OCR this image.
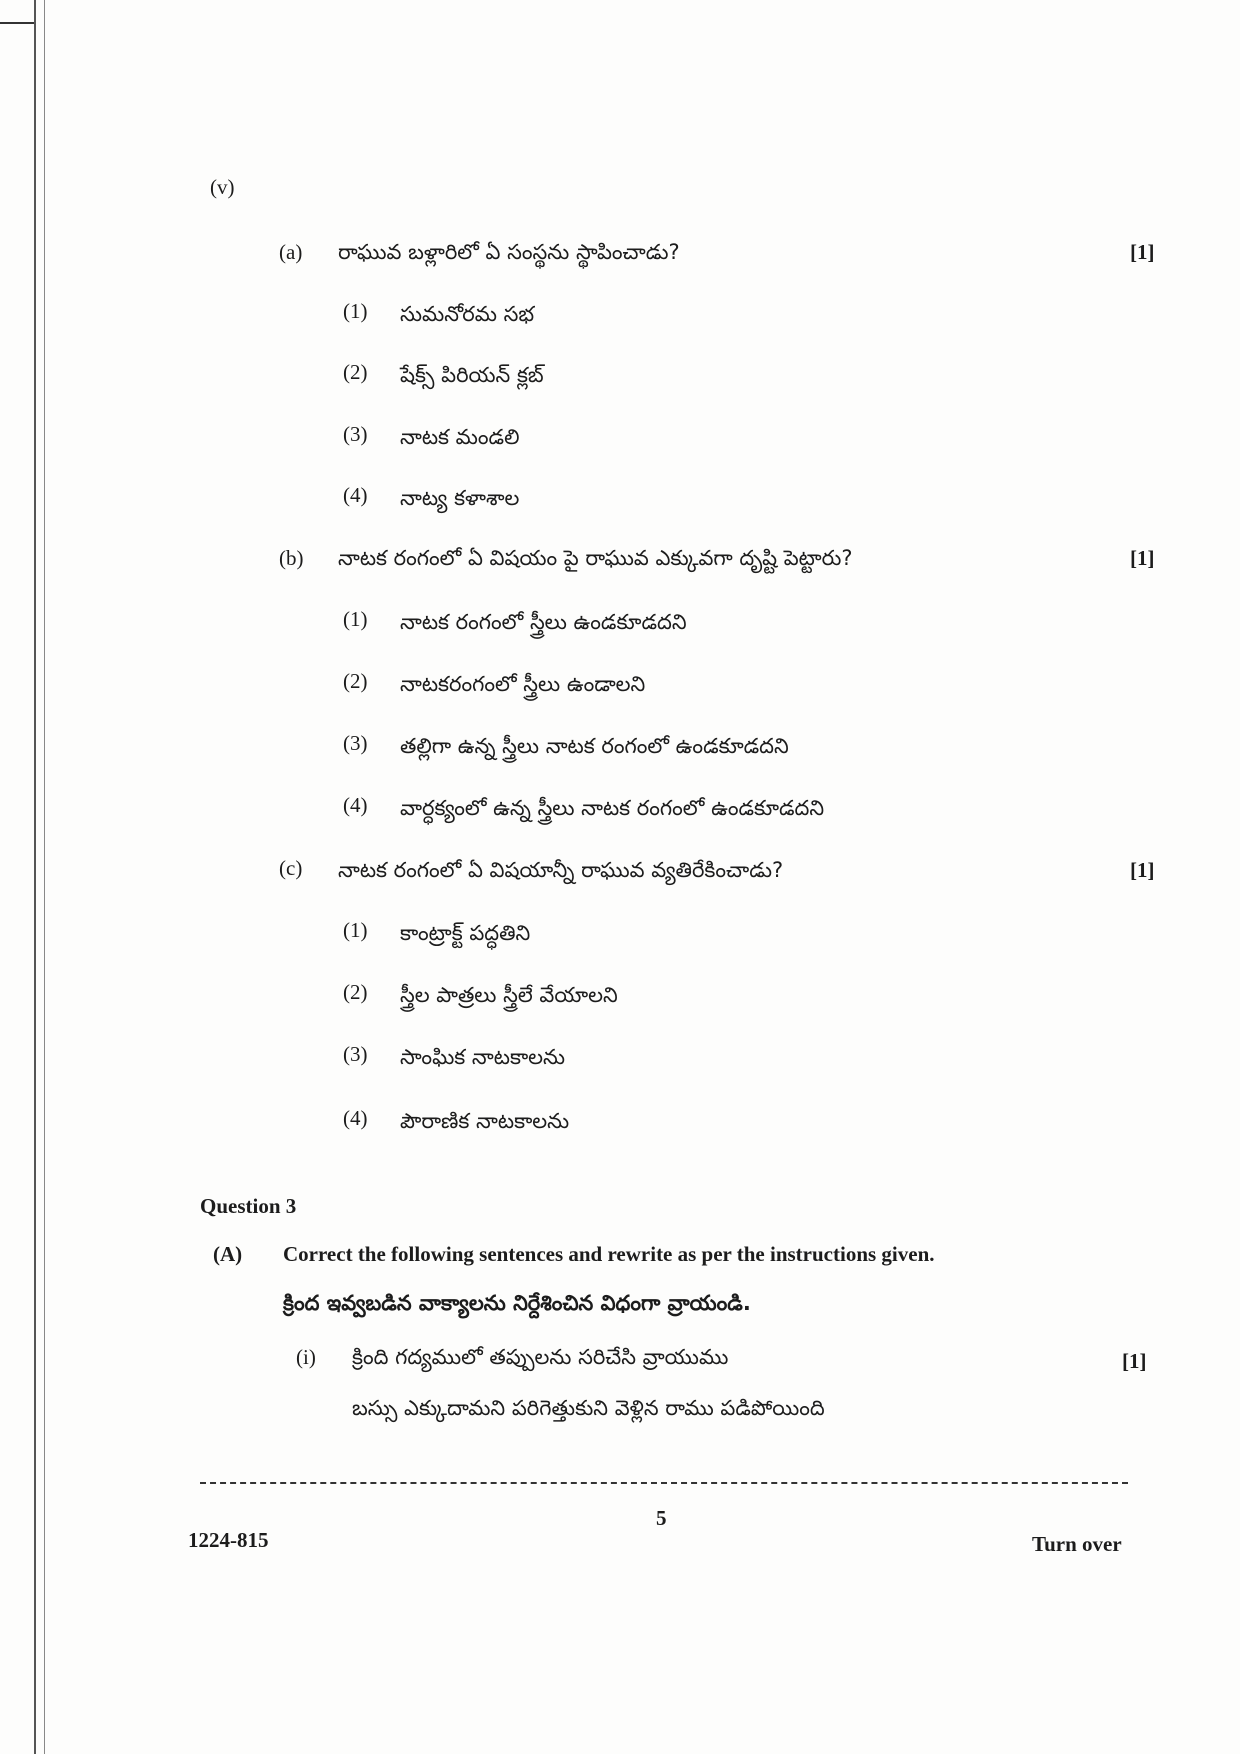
(v)
(a) రాఘువ బళ్లారిలో ఏ సంస్థను స్థాపించాడు?	[1]
(1) సుమనోరమ సభ
(2) షేక్స్ పిరియన్ క్లబ్
(3) నాటక మండలి
(4) నాట్య కళాశాల
(b) నాటక రంగంలో ఏ విషయం పై రాఘువ ఎక్కువగా దృష్టి పెట్టారు?	[1]
(1) నాటక రంగంలో స్త్రీలు ఉండకూడదని
(2) నాటకరంగంలో స్త్రీలు ఉండాలని
(3) తల్లిగా ఉన్న స్త్రీలు నాటక రంగంలో ఉండకూడదని
(4) వార్ధక్యంలో ఉన్న స్త్రీలు నాటక రంగంలో ఉండకూడదని
(c) నాటక రంగంలో ఏ విషయాన్నీ రాఘువ వ్యతిరేకించాడు?	[1]
(1) కాంట్రాక్ట్ పద్ధతిని
(2) స్త్రీల పాత్రలు స్త్రీలే వేయాలని
(3) సాంఘిక నాటకాలను
(4) పౌరాణిక నాటకాలను
Question 3
(A) Correct the following sentences and rewrite as per the instructions given.
క్రింద ఇవ్వబడిన వాక్యాలను నిర్దేశించిన విధంగా వ్రాయండి.
(i) క్రింది గద్యములో తప్పులను సరిచేసి వ్రాయుము	[1]
బస్సు ఎక్కుదామని పరిగెత్తుకుని వెళ్లిన రాము పడిపోయింది
5
1224-815	Turn over
